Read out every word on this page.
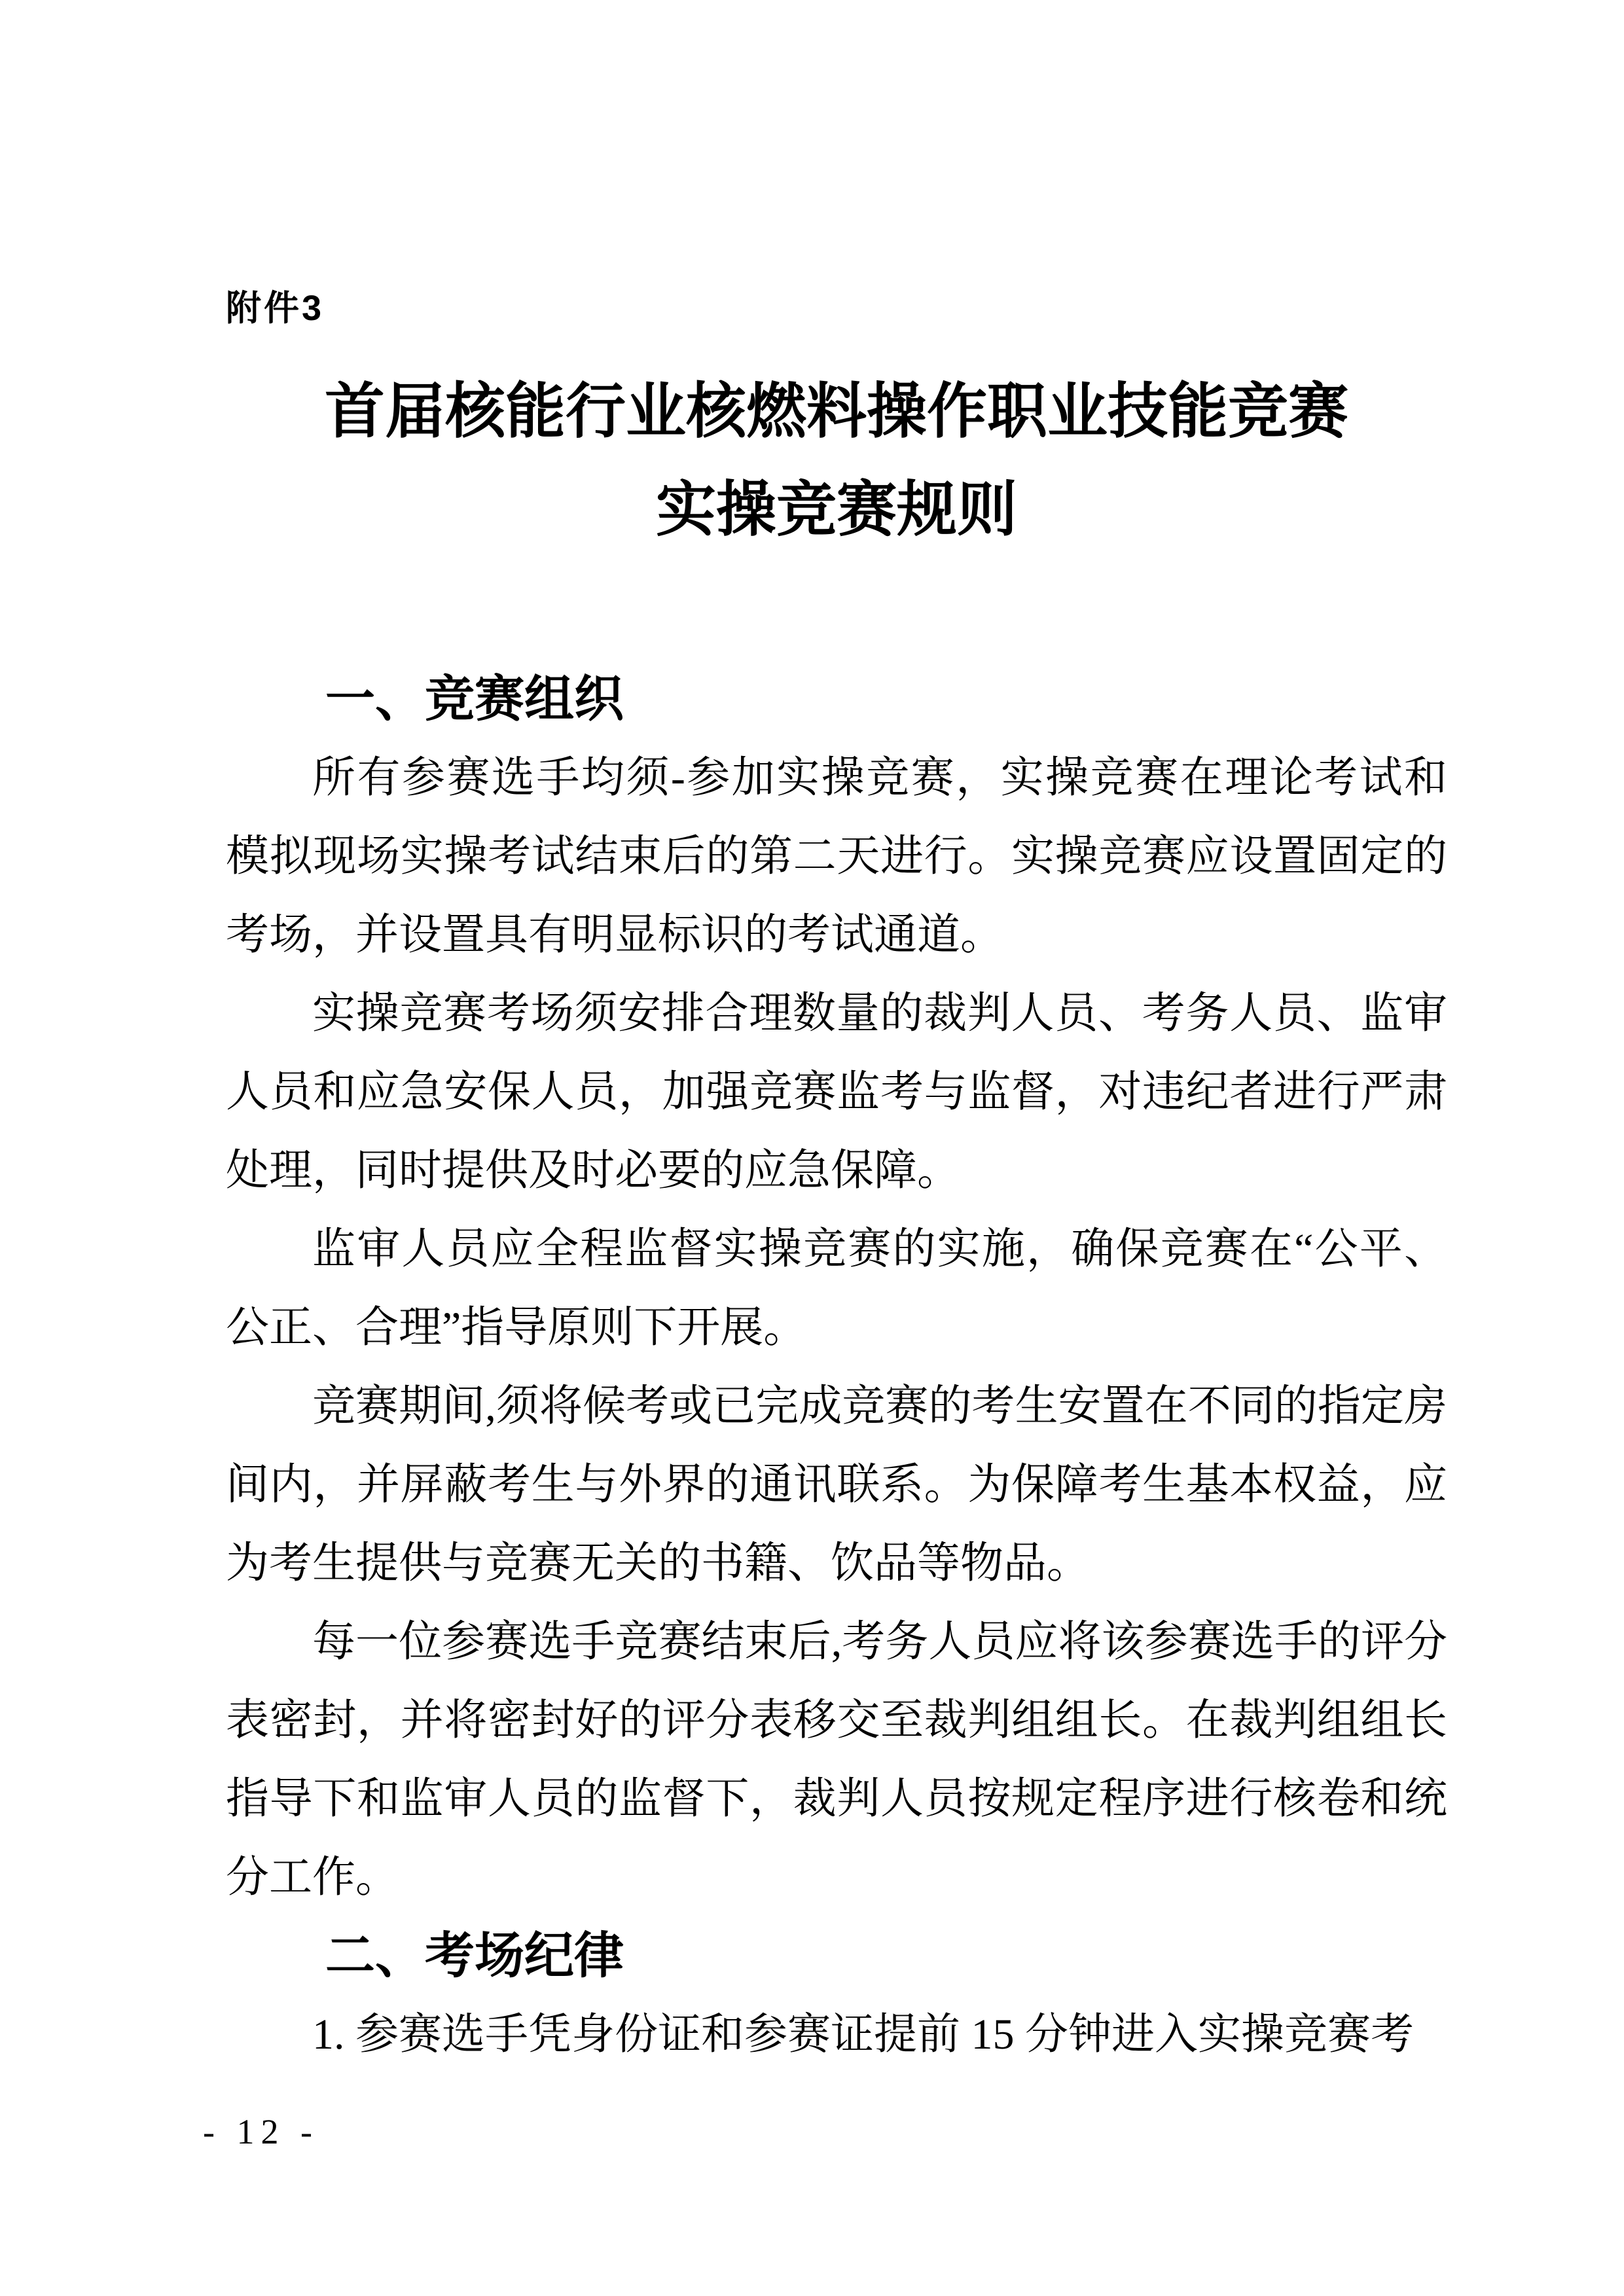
附件3
首届核能行业核燃料操作职业技能竞赛
实操竞赛规则
一、竞赛组织

所有参赛选手均须-参加实操竞赛，实操竞赛在理论考试和模拟现场实操考试结束后的第二天进行。实操竞赛应设置固定的考场，并设置具有明显标识的考试通道。

实操竞赛考场须安排合理数量的裁判人员、考务人员、监审人员和应急安保人员，加强竞赛监考与监督，对违纪者进行严肃处理，同时提供及时必要的应急保障。

监审人员应全程监督实操竞赛的实施，确保竞赛在“公平、公正、合理”指导原则下开展。

竞赛期间,须将候考或已完成竞赛的考生安置在不同的指定房间内，并屏蔽考生与外界的通讯联系。为保障考生基本权益，应为考生提供与竞赛无关的书籍、饮品等物品。

每一位参赛选手竞赛结束后,考务人员应将该参赛选手的评分表密封，并将密封好的评分表移交至裁判组组长。在裁判组组长指导下和监审人员的监督下，裁判人员按规定程序进行核卷和统分工作。

二、考场纪律

1. 参赛选手凭身份证和参赛证提前 15 分钟进入实操竞赛考

- 12 -
